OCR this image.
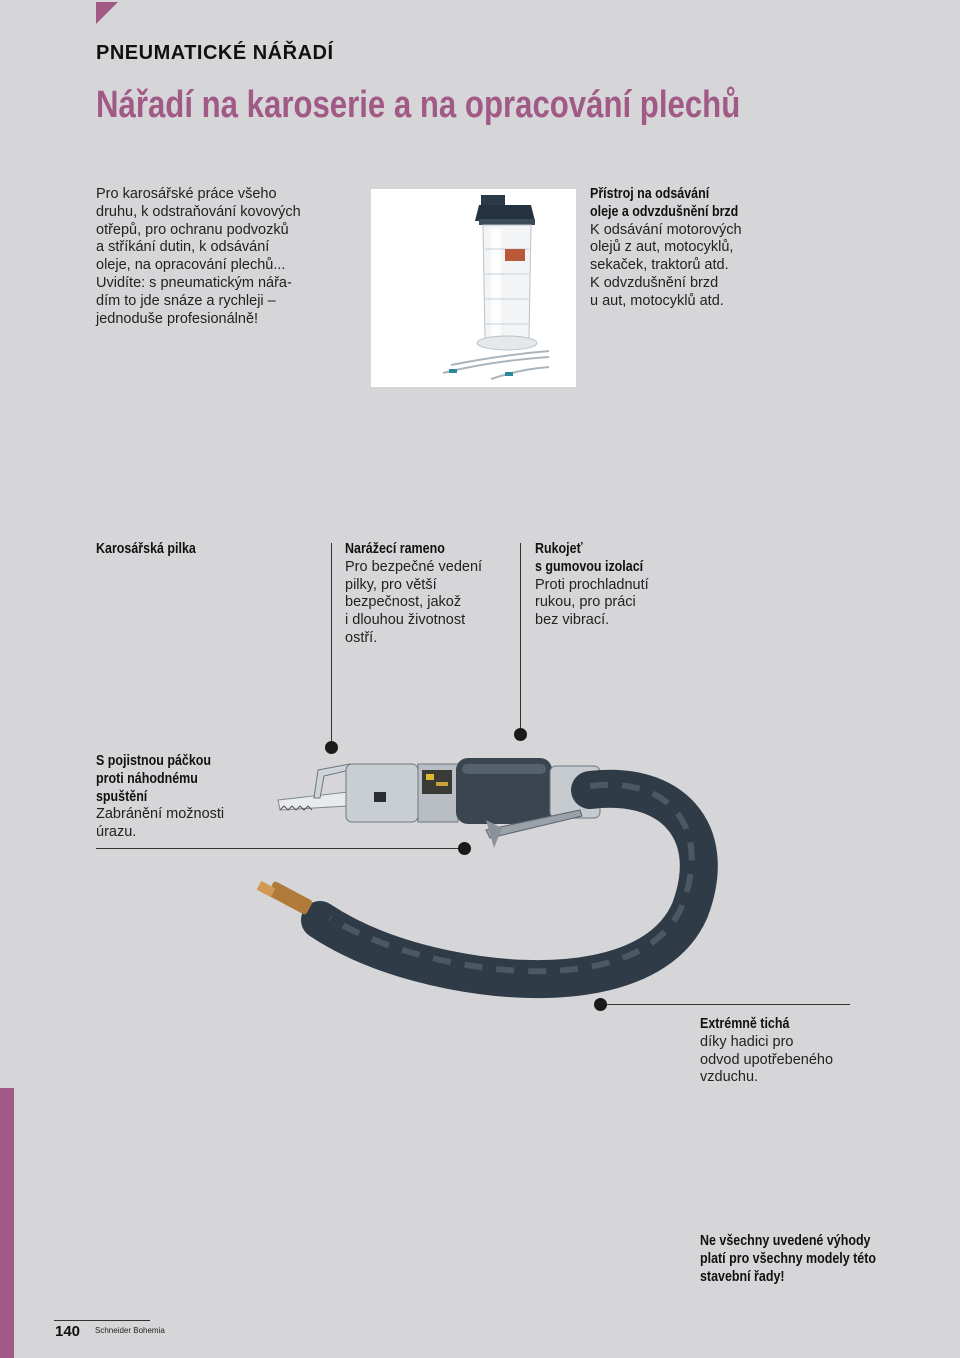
PNEUMATICKÉ NÁŘADÍ
Nářadí na karoserie a na opracování plechů
Pro karosářské práce všeho
druhu, k odstraňování kovových
otřepů, pro ochranu podvozků
a stříkání dutin, k odsávání
oleje, na opracování plechů...
Uvidíte: s pneumatickým nářa-
dím to jde snáze a rychleji –
jednoduše profesionálně!
Přístroj na odsávání
oleje a odvzdušnění brzd
K odsávání motorových
olejů z aut, motocyklů,
sekaček, traktorů atd.
K odvzdušnění brzd
u aut, motocyklů atd.
Karosářská pilka	Narážecí rameno
Pro bezpečné vedení
pilky, pro větší
bezpečnost, jakož
i dlouhou životnost
ostří.
Rukojeť
s gumovou izolací
Proti prochladnutí
rukou, pro práci
bez vibrací.
S pojistnou páčkou
proti náhodnému
spuštění
Zabránění možnosti
úrazu.
Extrémně tichá
díky hadici pro
odvod upotřebeného
vzduchu.
Ne všechny uvedené výhody
platí pro všechny modely této
stavební řady!
140 Schneider Bohemia
